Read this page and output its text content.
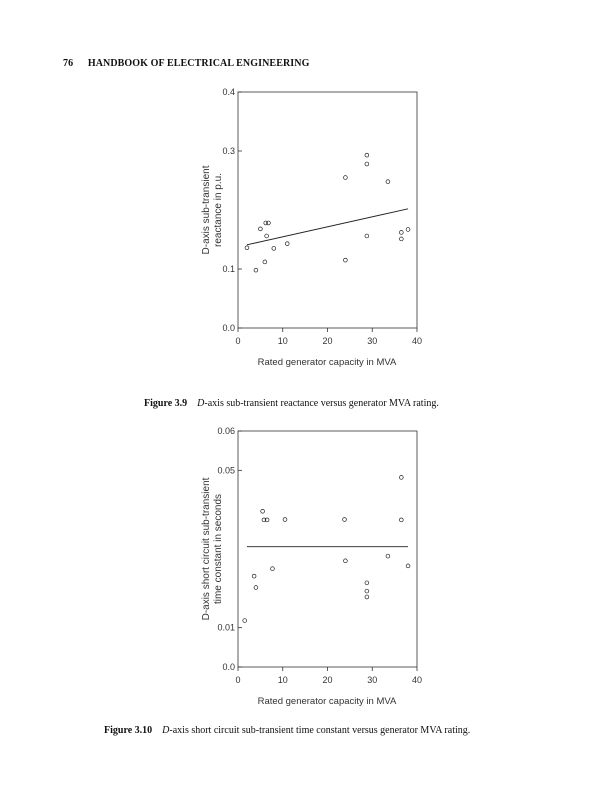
76 HANDBOOK OF ELECTRICAL ENGINEERING
D-axis sub-transient reactance in p.u.
Rated generator capacity in MVA
0.4
0.3
0.1
0.0
0	10	20	30	40
D-axis short circuit sub-transient time constant in seconds
Rated generator capacity in MVA
0.06
0.05
0.01
0.0
0	10	20	30	40
Figure 3.9 D-axis sub-transient reactance versus generator MVA rating.
Figure 3.10 D-axis short circuit sub-transient time constant versus generator MVA rating.
